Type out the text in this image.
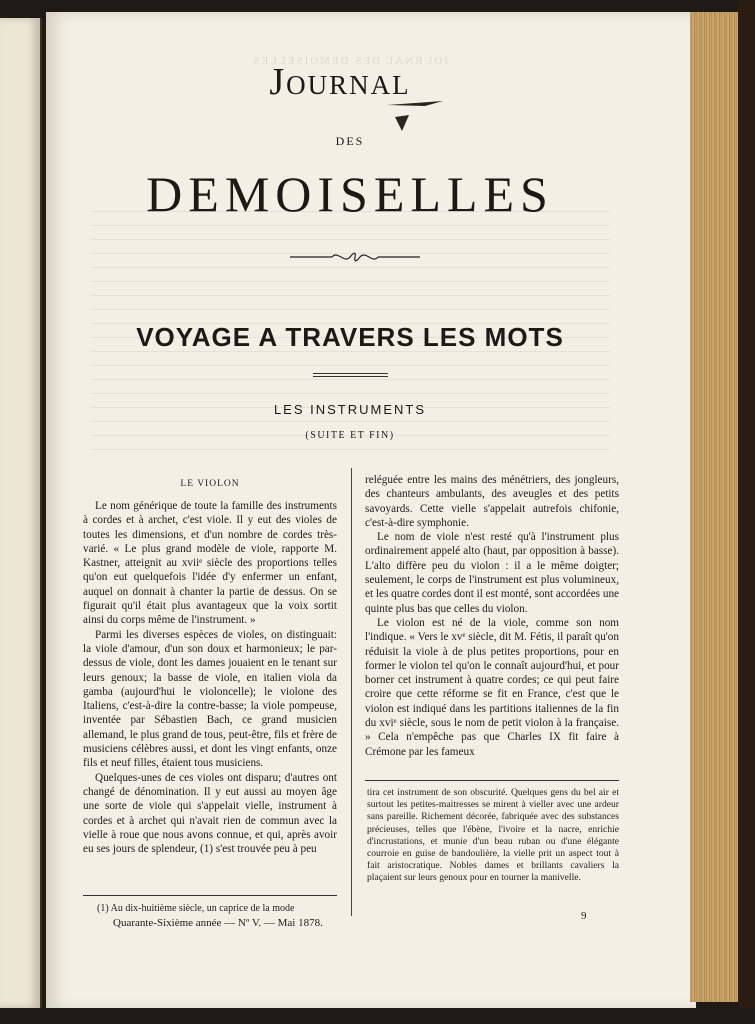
JOURNAL DES DEMOISELLES
JOURNAL
DES
DEMOISELLES
VOYAGE A TRAVERS LES MOTS
LES INSTRUMENTS
(SUITE ET FIN)
LE VIOLON

Le nom générique de toute la famille des instruments à cordes et à archet, c'est viole. Il y eut des violes de toutes les dimensions, et d'un nombre de cordes très-varié. « Le plus grand modèle de viole, rapporte M. Kastner, atteignit au xviiᵉ siècle des proportions telles qu'on eut quelquefois l'idée d'y enfermer un enfant, auquel on donnait à chanter la partie de dessus. On se figurait qu'il était plus avantageux que la voix sortit ainsi du corps même de l'instrument. »

Parmi les diverses espèces de violes, on distinguait: la viole d'amour, d'un son doux et harmonieux; le par-dessus de viole, dont les dames jouaient en le tenant sur leurs genoux; la basse de viole, en italien viola da gamba (aujourd'hui le violoncelle); le violone des Italiens, c'est-à-dire la contre-basse; la viole pompeuse, inventée par Sébastien Bach, ce grand musicien allemand, le plus grand de tous, peut-être, fils et frère de musiciens célèbres aussi, et dont les vingt enfants, onze fils et neuf filles, étaient tous musiciens.

Quelques-unes de ces violes ont disparu; d'autres ont changé de dénomination. Il y eut aussi au moyen âge une sorte de viole qui s'appelait vielle, instrument à cordes et à archet qui n'avait rien de commun avec la vielle à roue que nous avons connue, et qui, après avoir eu ses jours de splendeur, (1) s'est trouvée peu à peu

reléguée entre les mains des ménétriers, des jongleurs, des chanteurs ambulants, des aveugles et des petits savoyards. Cette vielle s'appelait autrefois chifonie, c'est-à-dire symphonie.

Le nom de viole n'est resté qu'à l'instrument plus ordinairement appelé alto (haut, par opposition à basse). L'alto diffère peu du violon : il a le même doigter; seulement, le corps de l'instrument est plus volumineux, et les quatre cordes dont il est monté, sont accordées une quinte plus bas que celles du violon.

Le violon est né de la viole, comme son nom l'indique. « Vers le xvᵉ siècle, dit M. Fétis, il paraît qu'on réduisit la viole à de plus petites proportions, pour en former le violon tel qu'on le connaît aujourd'hui, et pour borner cet instrument à quatre cordes; ce qui peut faire croire que cette réforme se fit en France, c'est que le violon est indiqué dans les partitions italiennes de la fin du xviᵉ siècle, sous le nom de petit violon à la française. » Cela n'empêche pas que Charles IX fit faire à Crémone par les fameux

tira cet instrument de son obscurité. Quelques gens du bel air et surtout les petites-maitresses se mirent à vieller avec une ardeur sans pareille. Richement décorée, fabriquée avec des substances précieuses, telles que l'ébène, l'ivoire et la nacre, enrichie d'incrustations, et munie d'un beau ruban ou d'une élégante courroie en guise de bandoulière, la vielle prit un aspect tout à fait aristocratique. Nobles dames et brillants cavaliers la plaçaient sur leurs genoux pour en tourner la manivelle.

(1) Au dix-huitième siècle, un caprice de la mode
Quarante-Sixième année — Nº V. — Mai 1878.
9
